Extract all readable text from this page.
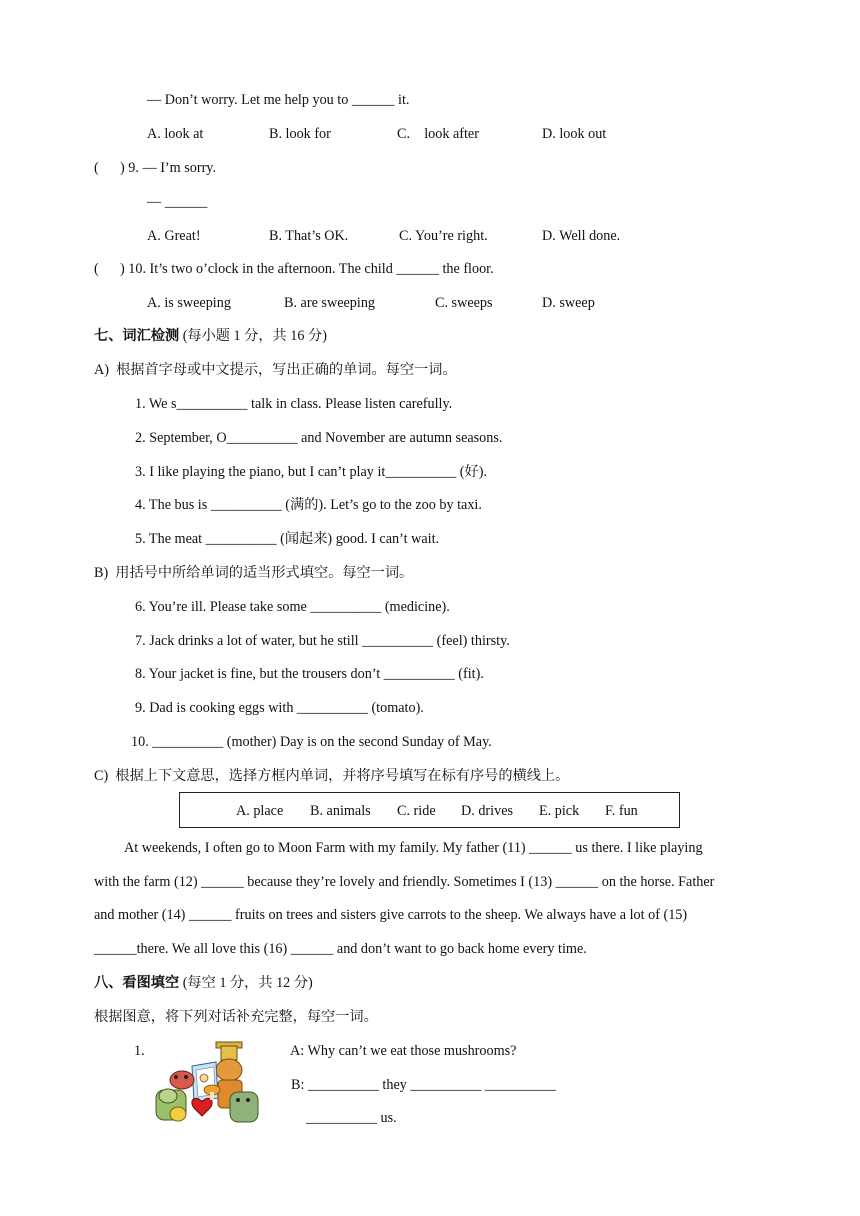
— Don’t worry. Let me help you to ______ it.
A. look at	B. look for	C.    look after	D. look out
(      ) 9. — I’m sorry.
— ______
A. Great!	B. That’s OK.	C. You’re right.	D. Well done.
(      ) 10. It’s two o’clock in the afternoon. The child ______ the floor.
A. is sweeping	B. are sweeping	C. sweeps	D. sweep
七、词汇检测 (每小题 1 分，共 16 分)
A)  根据首字母或中文提示，写出正确的单词。每空一词。
1. We s__________ talk in class. Please listen carefully.
2. September, O__________ and November are autumn seasons.
3. I like playing the piano, but I can’t play it__________ (好).
4. The bus is __________ (满的). Let’s go to the zoo by taxi.
5. The meat __________ (闻起来) good. I can’t wait.
B)  用括号中所给单词的适当形式填空。每空一词。
6. You’re ill. Please take some __________ (medicine).
7. Jack drinks a lot of water, but he still __________ (feel) thirsty.
8. Your jacket is fine, but the trousers don’t __________ (fit).
9. Dad is cooking eggs with __________ (tomato).
10. __________ (mother) Day is on the second Sunday of May.
C)  根据上下文意思，选择方框内单词，并将序号填写在标有序号的横线上。
A. place B. animals C. ride D. drives E. pick F. fun
At weekends, I often go to Moon Farm with my family. My father (11) ______ us there. I like playing
with the farm (12) ______ because they’re lovely and friendly. Sometimes I (13) ______ on the horse. Father
and mother (14) ______ fruits on trees and sisters give carrots to the sheep. We always have a lot of (15)
______there. We all love this (16) ______ and don’t want to go back home every time.
八、看图填空 (每空 1 分，共 12 分)
根据图意，将下列对话补充完整，每空一词。
1.	A: Why can’t we eat those mushrooms?
B: __________ they __________ __________
__________ us.
